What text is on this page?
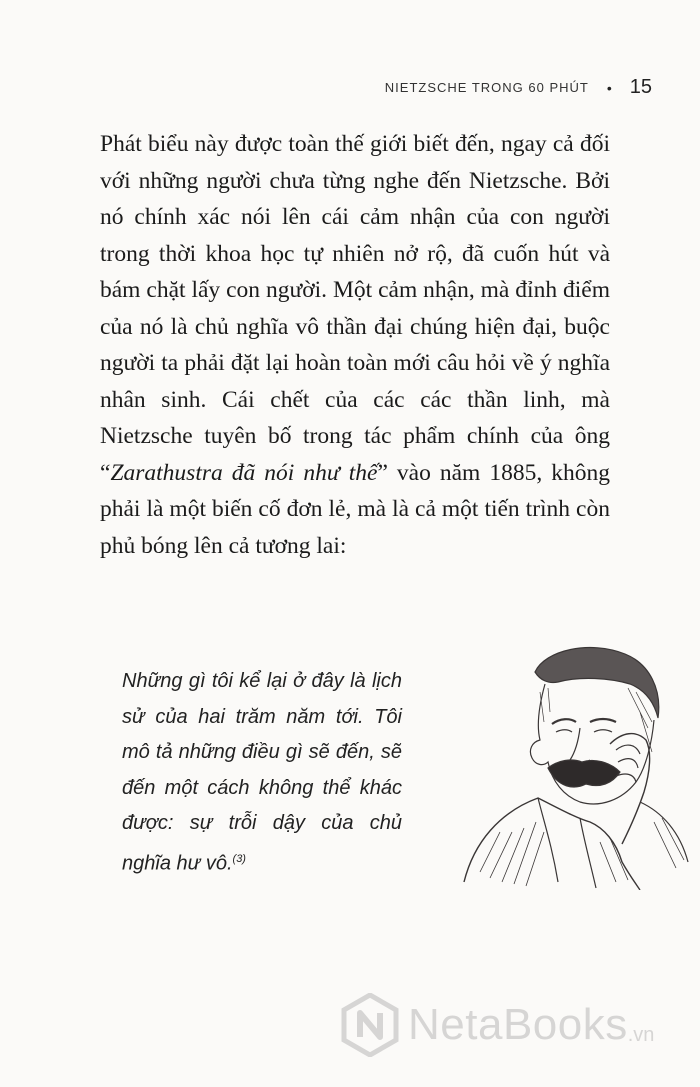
NIETZSCHE TRONG 60 PHÚT • 15

Phát biểu này được toàn thế giới biết đến, ngay cả đối với những người chưa từng nghe đến Nietzsche. Bởi nó chính xác nói lên cái cảm nhận của con người trong thời khoa học tự nhiên nở rộ, đã cuốn hút và bám chặt lấy con người. Một cảm nhận, mà đỉnh điểm của nó là chủ nghĩa vô thần đại chúng hiện đại, buộc người ta phải đặt lại hoàn toàn mới câu hỏi về ý nghĩa nhân sinh. Cái chết của các các thần linh, mà Nietzsche tuyên bố trong tác phẩm chính của ông “Zarathustra đã nói như thế” vào năm 1885, không phải là một biến cố đơn lẻ, mà là cả một tiến trình còn phủ bóng lên cả tương lai:

Những gì tôi kể lại ở đây là lịch sử của hai trăm năm tới. Tôi mô tả những điều gì sẽ đến, sẽ đến một cách không thể khác được: sự trỗi dậy của chủ nghĩa hư vô.$^{(3)}$

NetaBooks .vn
